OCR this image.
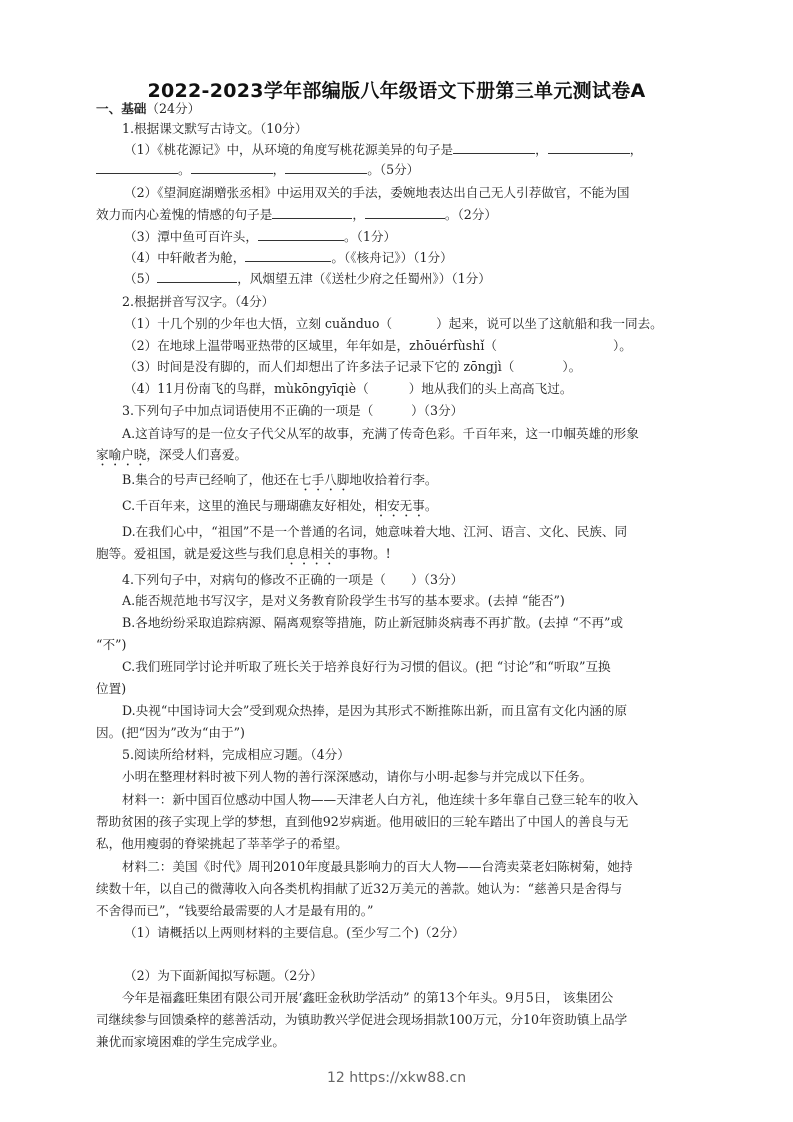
2022-2023学年部编版八年级语文下册第三单元测试卷A
一、基础（24分）
1.根据课文默写古诗文。（10分）
（1）《桃花源记》中，从环境的角度写桃花源美异的句子是	，	，
。	，	。（5分）
（2）《望洞庭湖赠张丞相》中运用双关的手法，委婉地表达出自己无人引荐做官，不能为国
效力而内心羞愧的情感的句子是	，	。（2分）
（3）潭中鱼可百许头，	。（1分）
（4）中轩敞者为舱，	。（《核舟记》）（1分）
（5）	，风烟望五津（《送杜少府之任蜀州》）（1分）
2.根据拼音写汉字。（4分）
（1）十几个别的少年也大悟，立刻 cuǎnduo（	）起来，说可以坐了这航船和我一同去。
（2）在地球上温带喝亚热带的区域里，年年如是，zhōuérfùshǐ（	）。
（3）时间是没有脚的，而人们却想出了许多法子记录下它的 zōngjì（	）。
（4）11月份南飞的鸟群，mùkōngyīqiè（	）地从我们的头上高高飞过。
3.下列句子中加点词语使用不正确的一项是（　　　）（3分）
A.这首诗写的是一位女子代父从军的故事，充满了传奇色彩。千百年来，这一巾帼英雄的形象
家喻户晓，深受人们喜爱。
B.集合的号声已经响了，他还在七手八脚地收拾着行李。
C.千百年来，这里的渔民与珊瑚礁友好相处，相安无事。
D.在我们心中，“祖国”不是一个普通的名词，她意味着大地、江河、语言、文化、民族、同
胞等。爱祖国，就是爱这些与我们息息相关的事物。!
4.下列句子中，对病句的修改不正确的一项是（　　）（3分）
A.能否规范地书写汉字，是对义务教育阶段学生书写的基本要求。(去掉 “能否”)
B.各地纷纷采取追踪病源、隔离观察等措施，防止新冠肺炎病毒不再扩散。(去掉 “不再”或
“不”)
C.我们班同学讨论并听取了班长关于培养良好行为习惯的倡议。(把 “讨论”和“听取”互换
位置)
D.央视“中国诗词大会”受到观众热捧，是因为其形式不断推陈出新，而且富有文化内涵的原
因。(把“因为”改为“由于”)
5.阅读所给材料，完成相应习题。（4分）
小明在整理材料时被下列人物的善行深深感动，请你与小明-起参与并完成以下任务。
材料一：新中国百位感动中国人物——天津老人白方礼，他连续十多年靠自己登三轮车的收入
帮助贫困的孩子实现上学的梦想，直到他92岁病逝。他用破旧的三轮车踏出了中国人的善良与无
私，他用瘦弱的脊梁挑起了莘莘学子的希望。
材料二：美国《时代》周刊2010年度最具影响力的百大人物——台湾卖菜老妇陈树菊，她持
续数十年，以自己的微薄收入向各类机构捐献了近32万美元的善款。她认为：“慈善只是舍得与
不舍得而已”，“钱要给最需要的人才是最有用的。”
（1）请概括以上两则材料的主要信息。(至少写二个)（2分）
（2）为下面新闻拟写标题。（2分）
今年是福鑫旺集团有限公司开展‘鑫旺金秋助学活动” 的第13个年头。9月5日， 该集团公
司继续参与回馈桑梓的慈善活动，为镇助教兴学促进会现场捐款100万元，分10年资助镇上品学
兼优而家境困难的学生完成学业。
12 https://xkw88.cn
